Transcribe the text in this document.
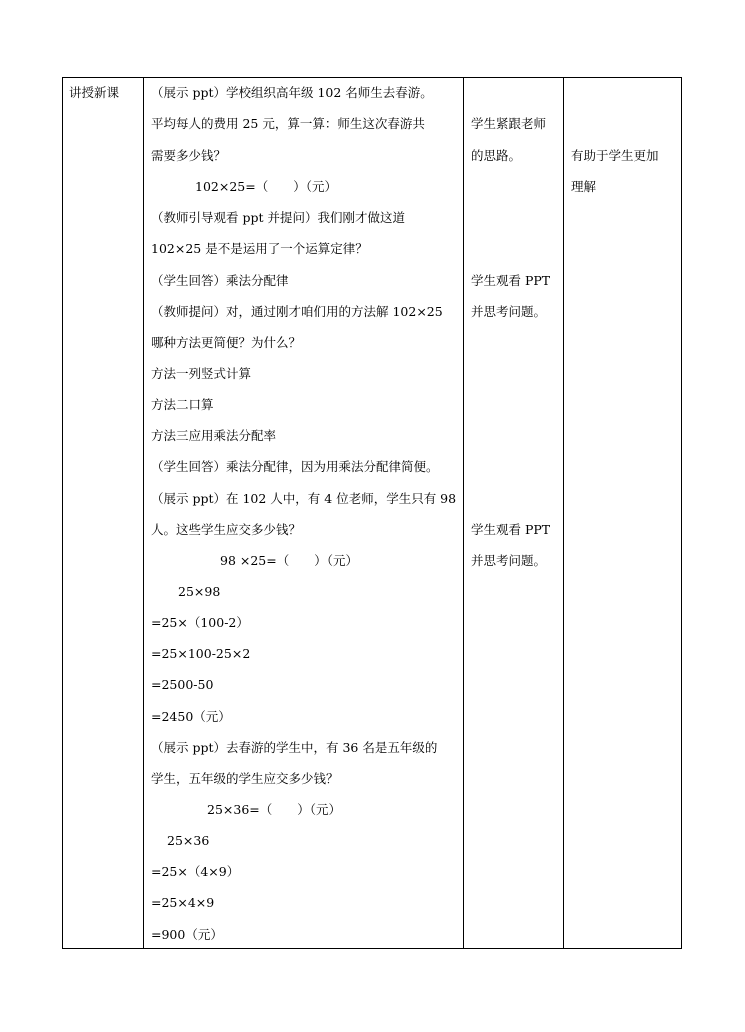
讲授新课	（展示 ppt）学校组织高年级 102 名师生去春游。
平均每人的费用 25 元，算一算：师生这次春游共
需要多少钱？
102×25=（　　）（元）
（教师引导观看 ppt 并提问）我们刚才做这道
102×25 是不是运用了一个运算定律？
（学生回答）乘法分配律
（教师提问）对，通过刚才咱们用的方法解 102×25
哪种方法更简便？为什么？
方法一列竖式计算
方法二口算
方法三应用乘法分配率
（学生回答）乘法分配律，因为用乘法分配律简便。
（展示 ppt）在 102 人中，有 4 位老师，学生只有 98
人。这些学生应交多少钱？
98 ×25=（　　）（元）
25×98
=25×（100-2）
=25×100-25×2
=2500-50
=2450（元）
（展示 ppt）去春游的学生中，有 36 名是五年级的
学生，五年级的学生应交多少钱？
25×36=（　　）（元）
25×36
=25×（4×9）
=25×4×9
=900（元）
学生紧跟老师
的思路。
学生观看 PPT
并思考问题。
学生观看 PPT
并思考问题。
有助于学生更加
理解
